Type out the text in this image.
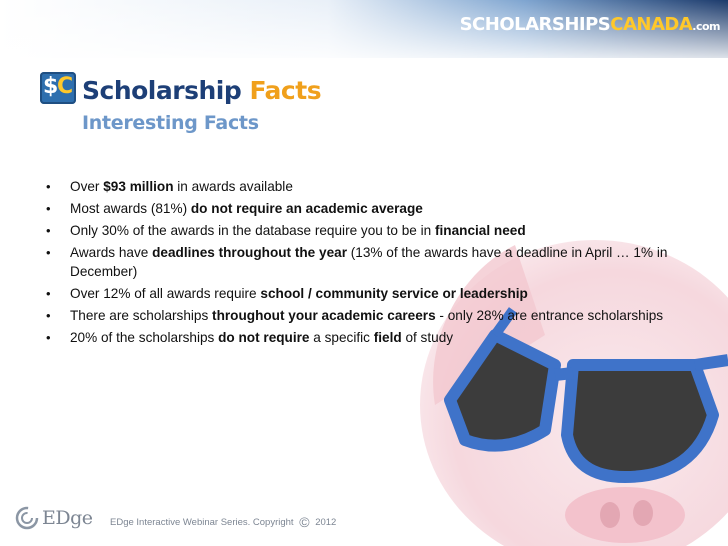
SCHOLARSHIPSCANADA.com
$
C Scholarship Facts
Interesting Facts
• Over $93 million in awards available
• Most awards (81%) do not require an academic average
• Only 30% of the awards in the database require you to be in financial need
• Awards have deadlines throughout the year (13% of the awards have a deadline in April … 1% in December)
• Over 12% of all awards require school / community service or leadership
• There are scholarships throughout your academic careers - only 28% are entrance scholarships
• 20% of the scholarships do not require a specific field of study
EDge EDge Interactive Webinar Series. Copyright © 2012
